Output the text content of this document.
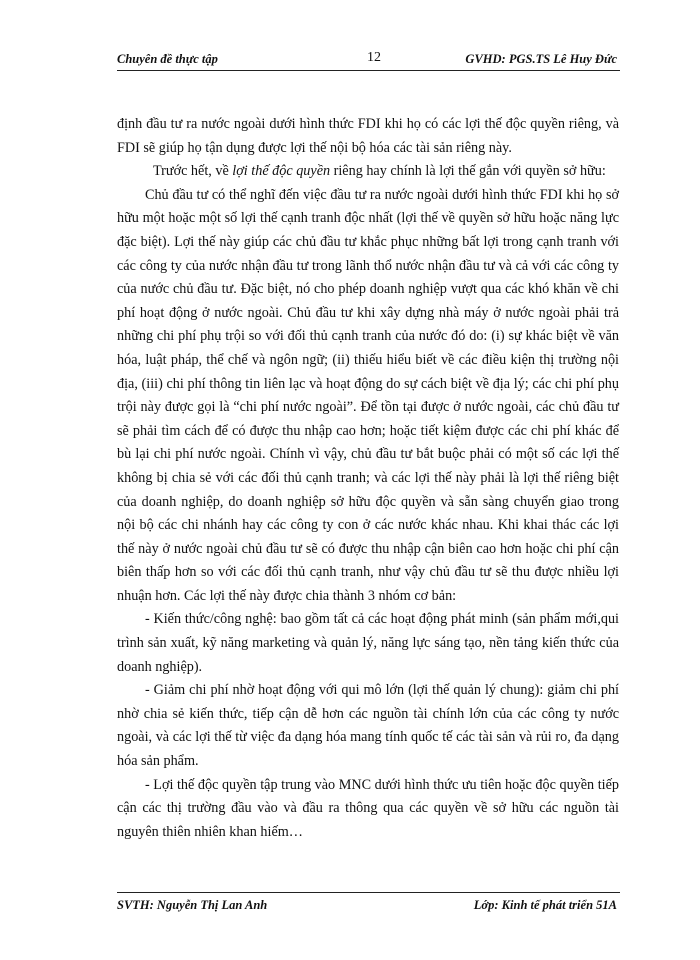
Chuyên đề thực tập	12	GVHD: PGS.TS Lê Huy Đức

định đầu tư ra nước ngoài dưới hình thức FDI khi họ có các lợi thế độc quyền riêng, và FDI sẽ giúp họ tận dụng được lợi thế nội bộ hóa các tài sản riêng này.

Trước hết, về lợi thế độc quyền riêng hay chính là lợi thế gắn với quyền sở hữu:

Chủ đầu tư có thể nghĩ đến việc đầu tư ra nước ngoài dưới hình thức FDI khi họ sở hữu một hoặc một số lợi thế cạnh tranh độc nhất (lợi thế về quyền sở hữu hoặc năng lực đặc biệt). Lợi thế này giúp các chủ đầu tư khắc phục những bất lợi trong cạnh tranh với các công ty của nước nhận đầu tư trong lãnh thổ nước nhận đầu tư và cả với các công ty của nước chủ đầu tư. Đặc biệt, nó cho phép doanh nghiệp vượt qua các khó khăn về chi phí hoạt động ở nước ngoài. Chủ đầu tư khi xây dựng nhà máy ở nước ngoài phải trả những chi phí phụ trội so với đối thủ cạnh tranh của nước đó do: (i) sự khác biệt về văn hóa, luật pháp, thể chế và ngôn ngữ; (ii) thiếu hiểu biết về các điều kiện thị trường nội địa, (iii) chi phí thông tin liên lạc và hoạt động do sự cách biệt về địa lý; các chi phí phụ trội này được gọi là “chi phí nước ngoài”. Để tồn tại được ở nước ngoài, các chủ đầu tư sẽ phải tìm cách để có được thu nhập cao hơn; hoặc tiết kiệm được các chi phí khác để bù lại chi phí nước ngoài. Chính vì vậy, chủ đầu tư bắt buộc phải có một số các lợi thế không bị chia sẻ với các đối thủ cạnh tranh; và các lợi thế này phải là lợi thế riêng biệt của doanh nghiệp, do doanh nghiệp sở hữu độc quyền và sẵn sàng chuyển giao trong nội bộ các chi nhánh hay các công ty con ở các nước khác nhau. Khi khai thác các lợi thế này ở nước ngoài chủ đầu tư sẽ có được thu nhập cận biên cao hơn hoặc chi phí cận biên thấp hơn so với các đối thủ cạnh tranh, như vậy chủ đầu tư sẽ thu được nhiều lợi nhuận hơn. Các lợi thế này được chia thành 3 nhóm cơ bản:

- Kiến thức/công nghệ: bao gồm tất cả các hoạt động phát minh (sản phẩm mới,qui trình sản xuất, kỹ năng marketing và quản lý, năng lực sáng tạo, nền tảng kiến thức của doanh nghiệp).

- Giảm chi phí nhờ hoạt động với qui mô lớn (lợi thế quản lý chung): giảm chi phí nhờ chia sẻ kiến thức, tiếp cận dễ hơn các nguồn tài chính lớn của các công ty nước ngoài, và các lợi thế từ việc đa dạng hóa mang tính quốc tế các tài sản và rủi ro, đa dạng hóa sản phẩm.

- Lợi thế độc quyền tập trung vào MNC dưới hình thức ưu tiên hoặc độc quyền tiếp cận các thị trường đầu vào và đầu ra thông qua các quyền về sở hữu các nguồn tài nguyên thiên nhiên khan hiếm…

SVTH: Nguyễn Thị Lan Anh	Lớp: Kinh tế phát triển 51A
